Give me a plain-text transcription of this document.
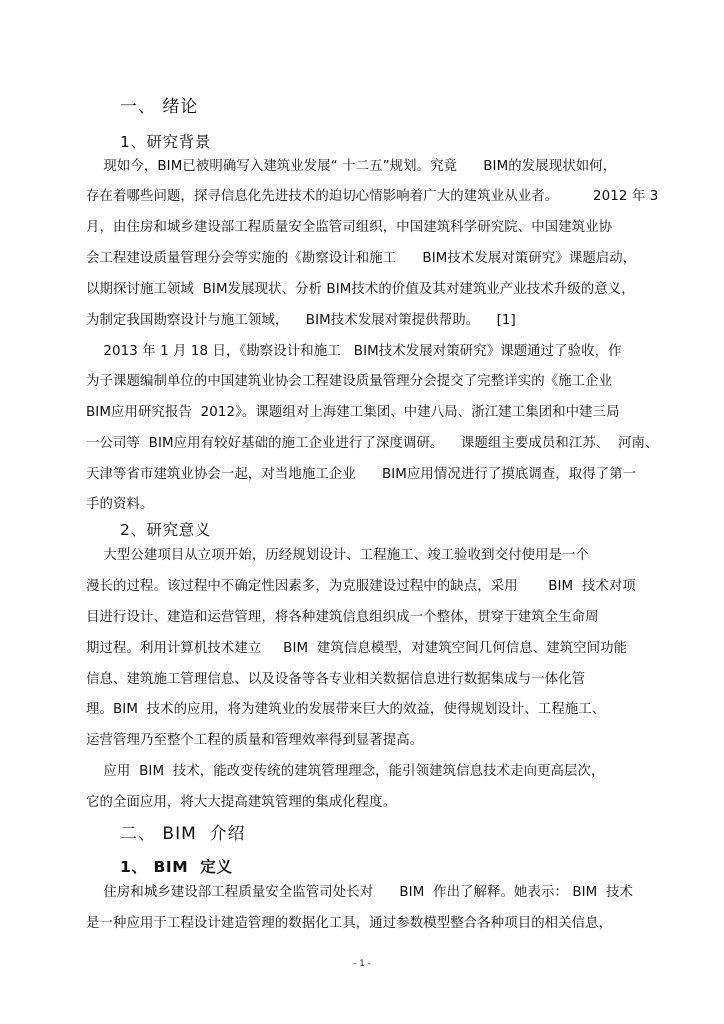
一、 绪论
1、研究背景
现如今，BIM已被明确写入建筑业发展“ 十二五”规划。究竟      BIM的发展现状如何，
存在着哪些问题，探寻信息化先进技术的迫切心情影响着广大的建筑业从业者。        2012 年 3
月，由住房和城乡建设部工程质量安全监管司组织，中国建筑科学研究院、中国建筑业协
会工程建设质量管理分会等实施的《勘察设计和施工      BIM技术发展对策研究》课题启动，
以期探讨施工领域  BIM发展现状、分析 BIM技术的价值及其对建筑业产业技术升级的意义，
为制定我国勘察设计与施工领域，    BIM技术发展对策提供帮助。    [1]
2013 年 1 月 18 日，《勘察设计和施工   BIM技术发展对策研究》课题通过了验收，作
为子课题编制单位的中国建筑业协会工程建设质量管理分会提交了完整详实的《施工企业
BIM应用研究报告  2012》。课题组对上海建工集团、中建八局、浙江建工集团和中建三局
一公司等  BIM应用有较好基础的施工企业进行了深度调研。    课题组主要成员和江苏、  河南、
天津等省市建筑业协会一起，对当地施工企业      BIM应用情况进行了摸底调查，取得了第一
手的资料。
2、研究意义
大型公建项目从立项开始，历经规划设计、工程施工、竣工验收到交付使用是一个
漫长的过程。该过程中不确定性因素多，为克服建设过程中的缺点，采用       BIM  技术对项
目进行设计、建造和运营管理，将各种建筑信息组织成一个整体，贯穿于建筑全生命周
期过程。利用计算机技术建立     BIM  建筑信息模型，对建筑空间几何信息、建筑空间功能
信息、建筑施工管理信息、以及设备等各专业相关数据信息进行数据集成与一体化管
理。BIM  技术的应用，将为建筑业的发展带来巨大的效益，使得规划设计、工程施工、
运营管理乃至整个工程的质量和管理效率得到显著提高。
应用  BIM  技术，能改变传统的建筑管理理念，能引领建筑信息技术走向更高层次，
它的全面应用，将大大提高建筑管理的集成化程度。
二、 BIM  介绍
1、 BIM  定义
住房和城乡建设部工程质量安全监管司处长对      BIM  作出了解释。她表示： BIM  技术
是一种应用于工程设计建造管理的数据化工具，通过参数模型整合各种项目的相关信息，
- 1 -
